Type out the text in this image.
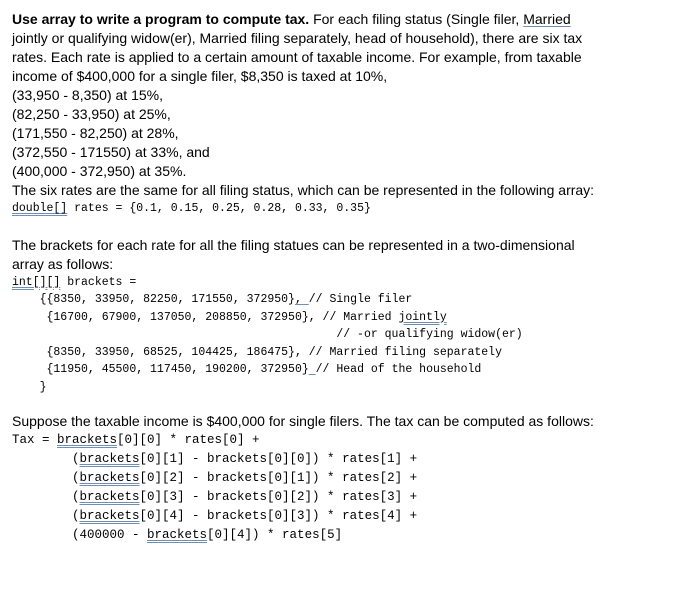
Use array to write a program to compute tax. For each filing status (Single filer, Married
jointly or qualifying widow(er), Married filing separately, head of household), there are six tax
rates. Each rate is applied to a certain amount of taxable income. For example, from taxable
income of $400,000 for a single filer, $8,350 is taxed at 10%,
(33,950 - 8,350) at 15%,
(82,250 - 33,950) at 25%,
(171,550 - 82,250) at 28%,
(372,550 - 171550) at 33%, and
(400,000 - 372,950) at 35%.
The six rates are the same for all filing status, which can be represented in the following array:
double[] rates = {0.1, 0.15, 0.25, 0.28, 0.33, 0.35}
The brackets for each rate for all the filing statues can be represented in a two-dimensional
array as follows:
int[][] brackets =
{{8350, 33950, 82250, 171550, 372950}, // Single filer
{16700, 67900, 137050, 208850, 372950}, // Married jointly
// -or qualifying widow(er)
{8350, 33950, 68525, 104425, 186475}, // Married filing separately
{11950, 45500, 117450, 190200, 372950} // Head of the household
}
Suppose the taxable income is $400,000 for single filers. The tax can be computed as follows:
Tax = brackets[0][0] * rates[0] +
(brackets[0][1] - brackets[0][0]) * rates[1] +
(brackets[0][2] - brackets[0][1]) * rates[2] +
(brackets[0][3] - brackets[0][2]) * rates[3] +
(brackets[0][4] - brackets[0][3]) * rates[4] +
(400000 - brackets[0][4]) * rates[5]
